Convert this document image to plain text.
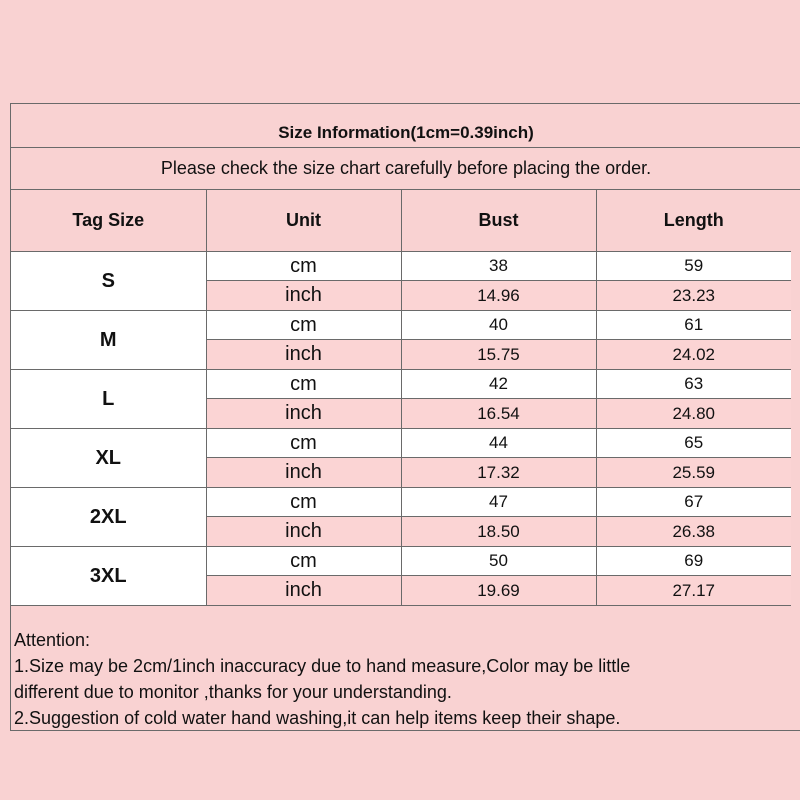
Size Information(1cm=0.39inch)
Please check the size chart carefully before placing the order.
Tag Size	Unit	Bust	Length
S	cm	38	59
	inch	14.96	23.23
M	cm	40	61
	inch	15.75	24.02
L	cm	42	63
	inch	16.54	24.80
XL	cm	44	65
	inch	17.32	25.59
2XL	cm	47	67
	inch	18.50	26.38
3XL	cm	50	69
	inch	19.69	27.17

Attention:

1.Size may be 2cm/1inch inaccuracy due to hand measure,Color may be little

different due to monitor ,thanks for your understanding.

2.Suggestion of cold water hand washing,it can help items keep their shape.
